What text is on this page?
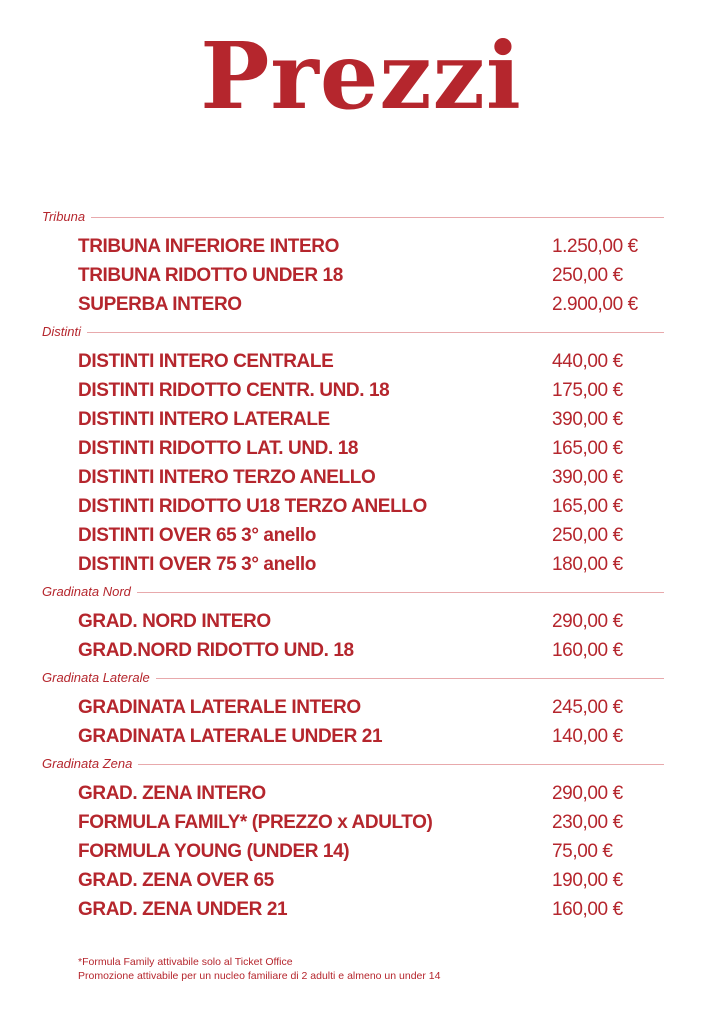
Prezzi
Tribuna
TRIBUNA INFERIORE INTERO	1.250,00 €
TRIBUNA RIDOTTO UNDER 18	250,00 €
SUPERBA INTERO	2.900,00 €
Distinti
DISTINTI INTERO CENTRALE	440,00 €
DISTINTI RIDOTTO CENTR. UND. 18	175,00 €
DISTINTI INTERO LATERALE	390,00 €
DISTINTI RIDOTTO LAT. UND. 18	165,00 €
DISTINTI INTERO TERZO ANELLO	390,00 €
DISTINTI RIDOTTO U18 TERZO ANELLO	165,00 €
DISTINTI OVER 65 3° anello	250,00 €
DISTINTI OVER 75 3° anello	180,00 €
Gradinata Nord
GRAD. NORD INTERO	290,00 €
GRAD.NORD RIDOTTO UND. 18	160,00 €
Gradinata Laterale
GRADINATA LATERALE INTERO	245,00 €
GRADINATA LATERALE UNDER 21	140,00 €
Gradinata Zena
GRAD. ZENA INTERO	290,00 €
FORMULA FAMILY* (PREZZO x ADULTO)	230,00 €
FORMULA YOUNG (UNDER 14)	75,00 €
GRAD. ZENA OVER 65	190,00 €
GRAD. ZENA UNDER 21	160,00 €
*Formula Family attivabile solo al Ticket Office
Promozione attivabile per un nucleo familiare di 2 adulti e almeno un under 14
